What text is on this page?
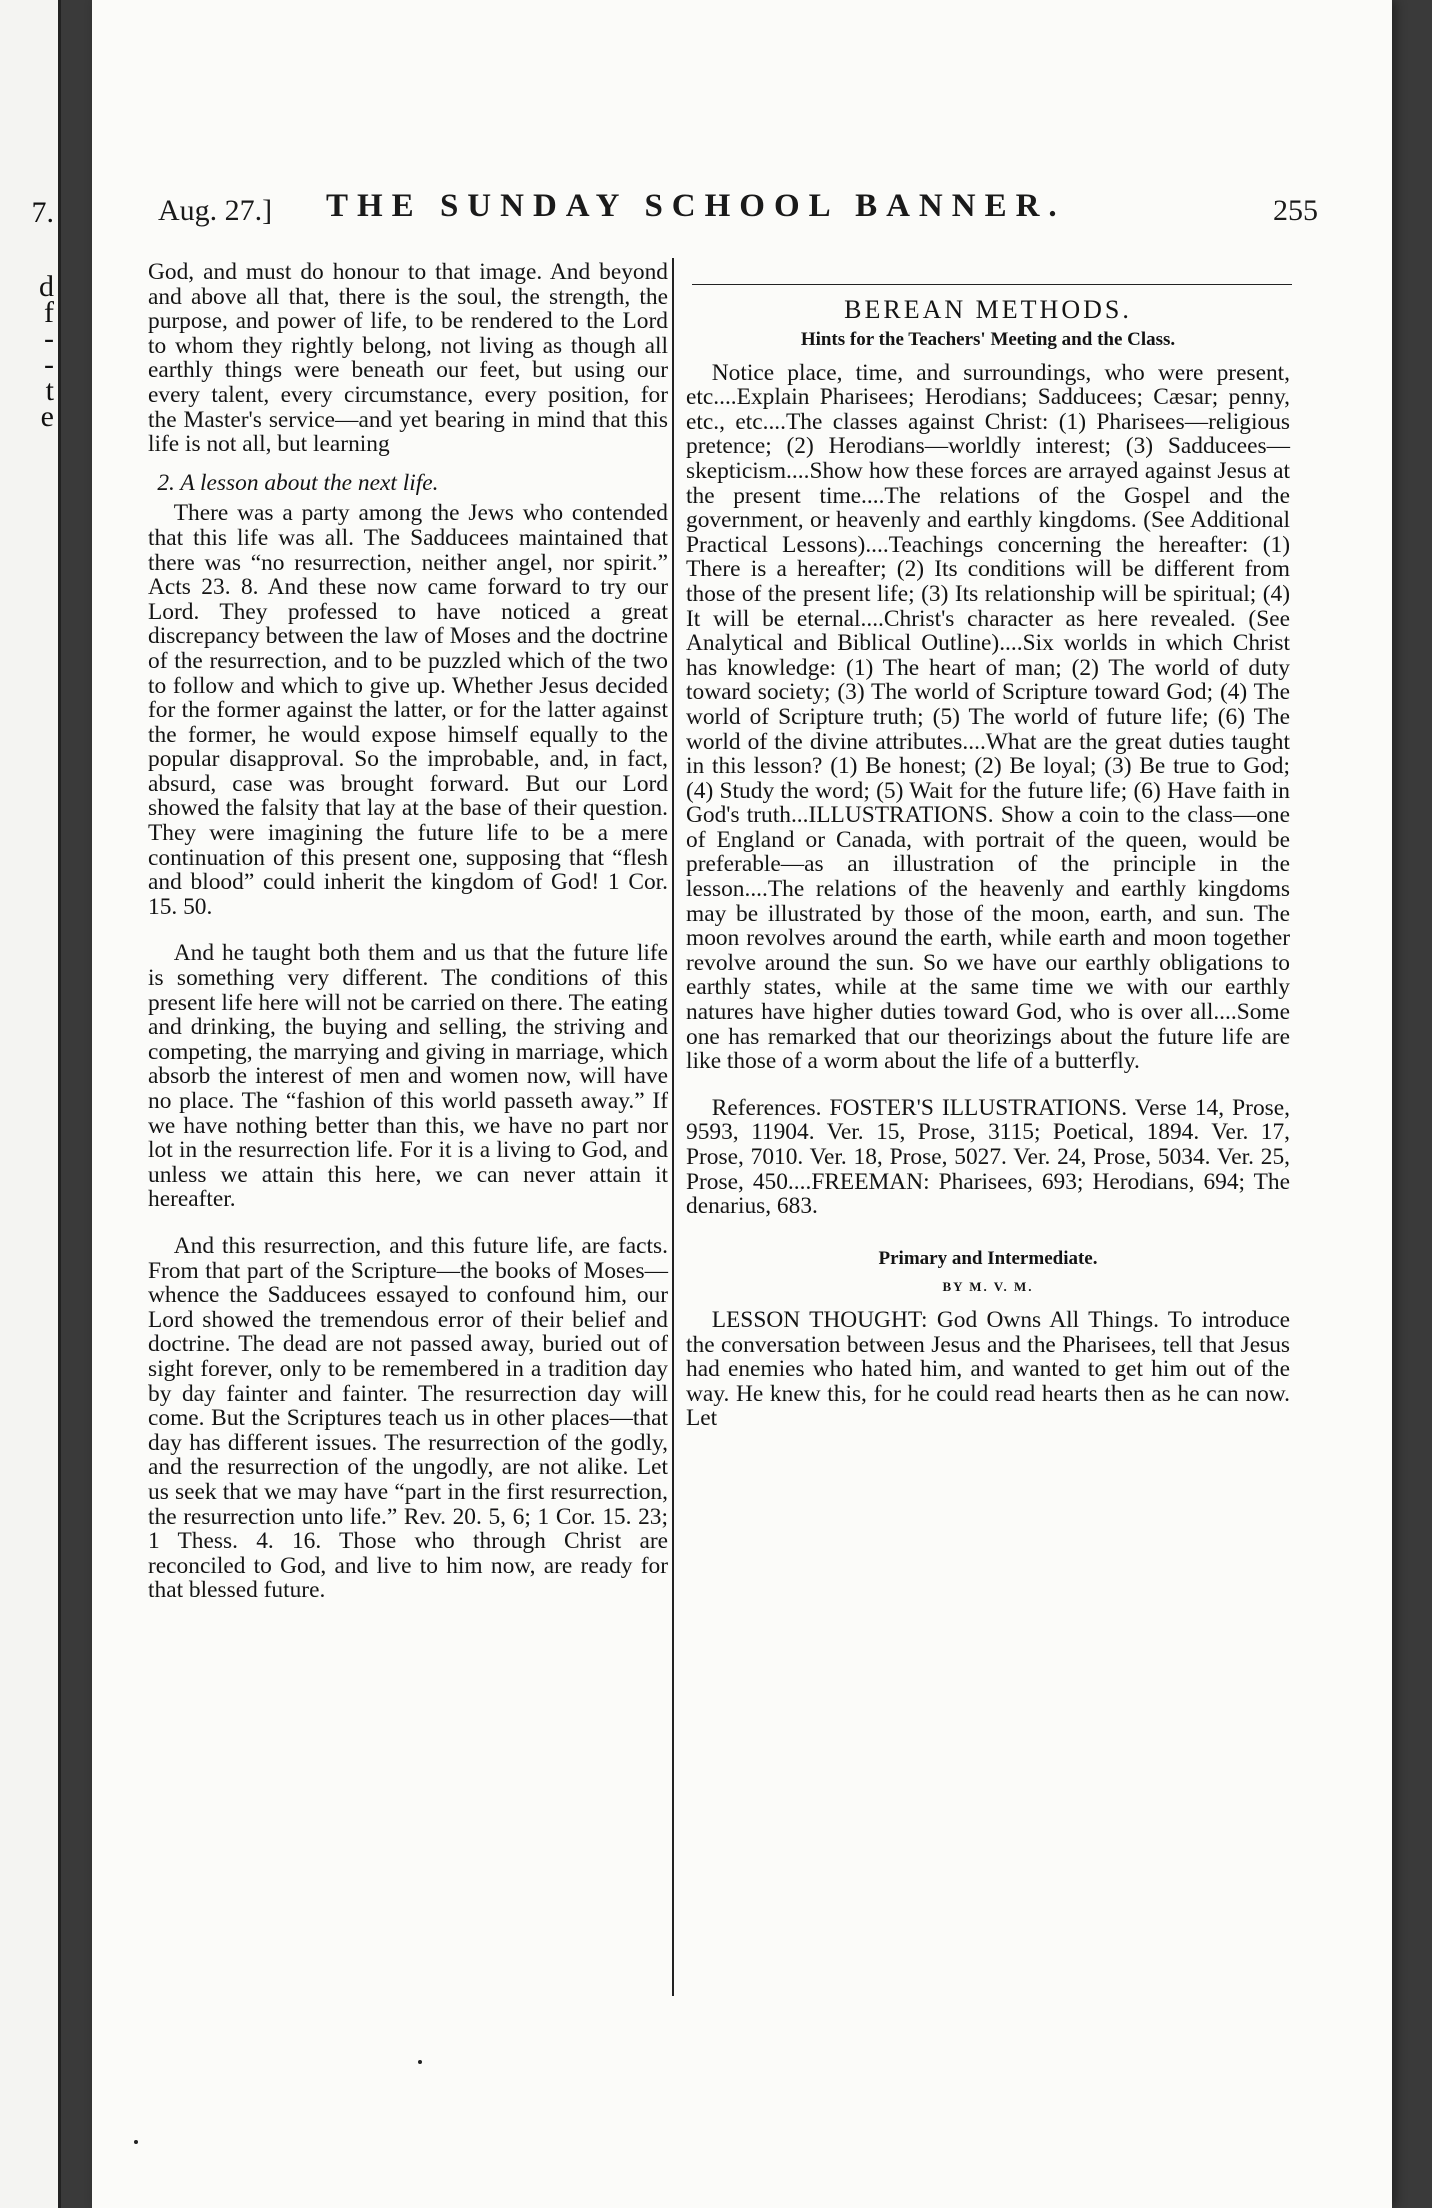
7.
d
f
-
-
t
e
Aug. 27.] THE SUNDAY SCHOOL BANNER.	255

God, and must do honour to that image. And beyond and above all that, there is the soul, the strength, the purpose, and power of life, to be rendered to the Lord to whom they rightly belong, not living as though all earthly things were beneath our feet, but using our every talent, every circumstance, every position, for the Master's service—and yet bearing in mind that this life is not all, but learning

2. A lesson about the next life.

There was a party among the Jews who contended that this life was all. The Sadducees maintained that there was “no resurrection, neither angel, nor spirit.” Acts 23. 8. And these now came forward to try our Lord. They professed to have noticed a great discrepancy between the law of Moses and the doctrine of the resurrection, and to be puzzled which of the two to follow and which to give up. Whether Jesus decided for the former against the latter, or for the latter against the former, he would expose himself equally to the popular disapproval. So the improbable, and, in fact, absurd, case was brought forward. But our Lord showed the falsity that lay at the base of their question. They were imagining the future life to be a mere continuation of this present one, supposing that “flesh and blood” could inherit the kingdom of God! 1 Cor. 15. 50.

And he taught both them and us that the future life is something very different. The conditions of this present life here will not be carried on there. The eating and drinking, the buying and selling, the striving and competing, the marrying and giving in marriage, which absorb the interest of men and women now, will have no place. The “fashion of this world passeth away.” If we have nothing better than this, we have no part nor lot in the resurrection life. For it is a living to God, and unless we attain this here, we can never attain it hereafter.

And this resurrection, and this future life, are facts. From that part of the Scripture—the books of Moses—whence the Sadducees essayed to confound him, our Lord showed the tremendous error of their belief and doctrine. The dead are not passed away, buried out of sight forever, only to be remembered in a tradition day by day fainter and fainter. The resurrection day will come. But the Scriptures teach us in other places—that day has different issues. The resurrection of the godly, and the resurrection of the ungodly, are not alike. Let us seek that we may have “part in the first resurrection, the resurrection unto life.” Rev. 20. 5, 6; 1 Cor. 15. 23; 1 Thess. 4. 16. Those who through Christ are reconciled to God, and live to him now, are ready for that blessed future.

BEREAN METHODS.
Hints for the Teachers' Meeting and the Class.

Notice place, time, and surroundings, who were present, etc....Explain Pharisees; Herodians; Sadducees; Cæsar; penny, etc., etc....The classes against Christ: (1) Pharisees—religious pretence; (2) Herodians—worldly interest; (3) Sadducees—skepticism....Show how these forces are arrayed against Jesus at the present time....The relations of the Gospel and the government, or heavenly and earthly kingdoms. (See Additional Practical Lessons)....Teachings concerning the hereafter: (1) There is a hereafter; (2) Its conditions will be different from those of the present life; (3) Its relationship will be spiritual; (4) It will be eternal....Christ's character as here revealed. (See Analytical and Biblical Outline)....Six worlds in which Christ has knowledge: (1) The heart of man; (2) The world of duty toward society; (3) The world of Scripture toward God; (4) The world of Scripture truth; (5) The world of future life; (6) The world of the divine attributes....What are the great duties taught in this lesson? (1) Be honest; (2) Be loyal; (3) Be true to God; (4) Study the word; (5) Wait for the future life; (6) Have faith in God's truth...ILLUSTRATIONS. Show a coin to the class—one of England or Canada, with portrait of the queen, would be preferable—as an illustration of the principle in the lesson....The relations of the heavenly and earthly kingdoms may be illustrated by those of the moon, earth, and sun. The moon revolves around the earth, while earth and moon together revolve around the sun. So we have our earthly obligations to earthly states, while at the same time we with our earthly natures have higher duties toward God, who is over all....Some one has remarked that our theorizings about the future life are like those of a worm about the life of a butterfly.

References. FOSTER'S ILLUSTRATIONS. Verse 14, Prose, 9593, 11904. Ver. 15, Prose, 3115; Poetical, 1894. Ver. 17, Prose, 7010. Ver. 18, Prose, 5027. Ver. 24, Prose, 5034. Ver. 25, Prose, 450....FREEMAN: Pharisees, 693; Herodians, 694; The denarius, 683.

Primary and Intermediate.
BY M. V. M.

LESSON THOUGHT: God Owns All Things. To introduce the conversation between Jesus and the Pharisees, tell that Jesus had enemies who hated him, and wanted to get him out of the way. He knew this, for he could read hearts then as he can now. Let
